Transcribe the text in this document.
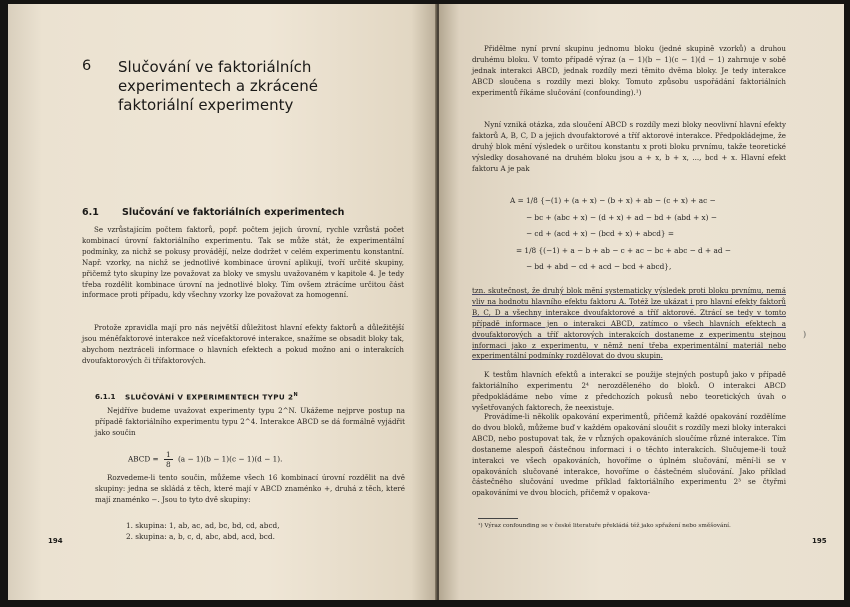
6 Slučování ve faktoriálních
experimentech a zkrácené
faktoriální experimenty
6.1 Slučování ve faktoriálních experimentech

Se vzrůstajícím počtem faktorů, popř. počtem jejich úrovní, rychle vzrůstá počet kombinací úrovní faktoriálního experimentu. Tak se může stát, že experimentální podmínky, za nichž se pokusy provádějí, nelze dodržet v celém experimentu konstantní. Např. vzorky, na nichž se jednotlivé kombinace úrovní aplikují, tvoří určité skupiny, přičemž tyto skupiny lze považovat za bloky ve smyslu uvažovaném v kapitole 4. Je tedy třeba rozdělit kombinace úrovní na jednotlivé bloky. Tím ovšem ztrácíme určitou část informace proti případu, kdy všechny vzorky lze považovat za homogenní.

Protože zpravidla mají pro nás největší důležitost hlavní efekty faktorů a důležitější jsou méněfaktorové interakce než vícefaktorové interakce, snažíme se obsadit bloky tak, abychom neztráceli informace o hlavních efektech a pokud možno ani o interakcích dvoufaktorových či třífaktorových.

6.1.1 SLUČOVÁNÍ V EXPERIMENTECH TYPU $2^N$

Nejdříve budeme uvažovat experimenty typu 2^N. Ukážeme nejprve postup na případě faktoriálního experimentu typu 2^4. Interakce ABCD se dá formálně vyjádřit jako součin

ABCD = $\frac{1}{8} (a - 1)(b - 1)(c - 1)(d - 1)$.

Rozvedeme-li tento součin, můžeme všech 16 kombinací úrovní rozdělit na dvě skupiny: jedna se skládá z těch, které mají v ABCD znaménko +, druhá z těch, které mají znaménko −. Jsou to tyto dvě skupiny:

1. skupina: 1, ab, ac, ad, bc, bd, cd, abcd,
2. skupina: a, b, c, d, abc, abd, acd, bcd.
194

Přidělme nyní první skupinu jednomu bloku (jedné skupině vzorků) a druhou druhému bloku. V tomto případě výraz (a − 1)(b − 1)(c − 1)(d − 1) zahrnuje v sobě jednak interakci ABCD, jednak rozdíly mezi těmito dvěma bloky. Je tedy interakce ABCD sloučena s rozdíly mezi bloky. Tomuto způsobu uspořádání faktoriálních experimentů říkáme slučování (confounding).¹)

Nyní vzniká otázka, zda sloučení ABCD s rozdíly mezi bloky neovlivní hlavní efekty faktorů A, B, C, D a jejich dvoufaktorové a tříf aktorové interakce. Předpokládejme, že druhý blok mění výsledek o určitou konstantu x proti bloku prvnímu, takže teoretické výsledky dosahované na druhém bloku jsou a + x, b + x, ..., bcd + x. Hlavní efekt faktoru A je pak

A = 1/8 {−(1) + (a + x) − (b + x) + ab − (c + x) + ac −
− bc + (abc + x) − (d + x) + ad − bd + (abd + x) −
− cd + (acd + x) − (bcd + x) + abcd} =
= 1/8 {(−1) + a − b + ab − c + ac − bc + abc − d + ad −
− bd + abd − cd + acd − bcd + abcd},

tzn. skutečnost, že druhý blok mění systematicky výsledek proti bloku prvnímu, nemá vliv na hodnotu hlavního efektu faktoru A. Totéž lze ukázat i pro hlavní efekty faktorů B, C, D a všechny interakce dvoufaktorové a tříf aktorové. Ztrácí se tedy v tomto případě informace jen o interakci ABCD, zatímco o všech hlavních efektech a dvoufaktorových a tříf aktorových interakcích dostaneme z experimentu stejnou informaci jako z experimentu, v němž není třeba experimentální materiál nebo experimentální podmínky rozdělovat do dvou skupin.

K testům hlavních efektů a interakcí se použije stejných postupů jako v případě faktoriálního experimentu 2⁴ nerozděleného do bloků. O interakci ABCD předpokládáme nebo víme z předchozích pokusů nebo teoretických úvah o vyšetřovaných faktorech, že neexistuje.

Provádíme-li několik opakování experimentů, přičemž každé opakování rozdělíme do dvou bloků, můžeme buď v každém opakování sloučit s rozdíly mezi bloky interakci ABCD, nebo postupovat tak, že v různých opakováních sloučíme různé interakce. Tím dostaneme alespoň částečnou informaci i o těchto interakcích. Slučujeme-li touž interakci ve všech opakováních, hovoříme o úplném slučování, mění-li se v opakováních slučované interakce, hovoříme o částečném slučování. Jako příklad částečného slučování uvedme příklad faktoriálního experimentu 2³ se čtyřmi opakováními ve dvou blocích, přičemž v opakova-

)
¹) Výraz confounding se v české literatuře překládá též jako spřažení nebo směšování.
195
